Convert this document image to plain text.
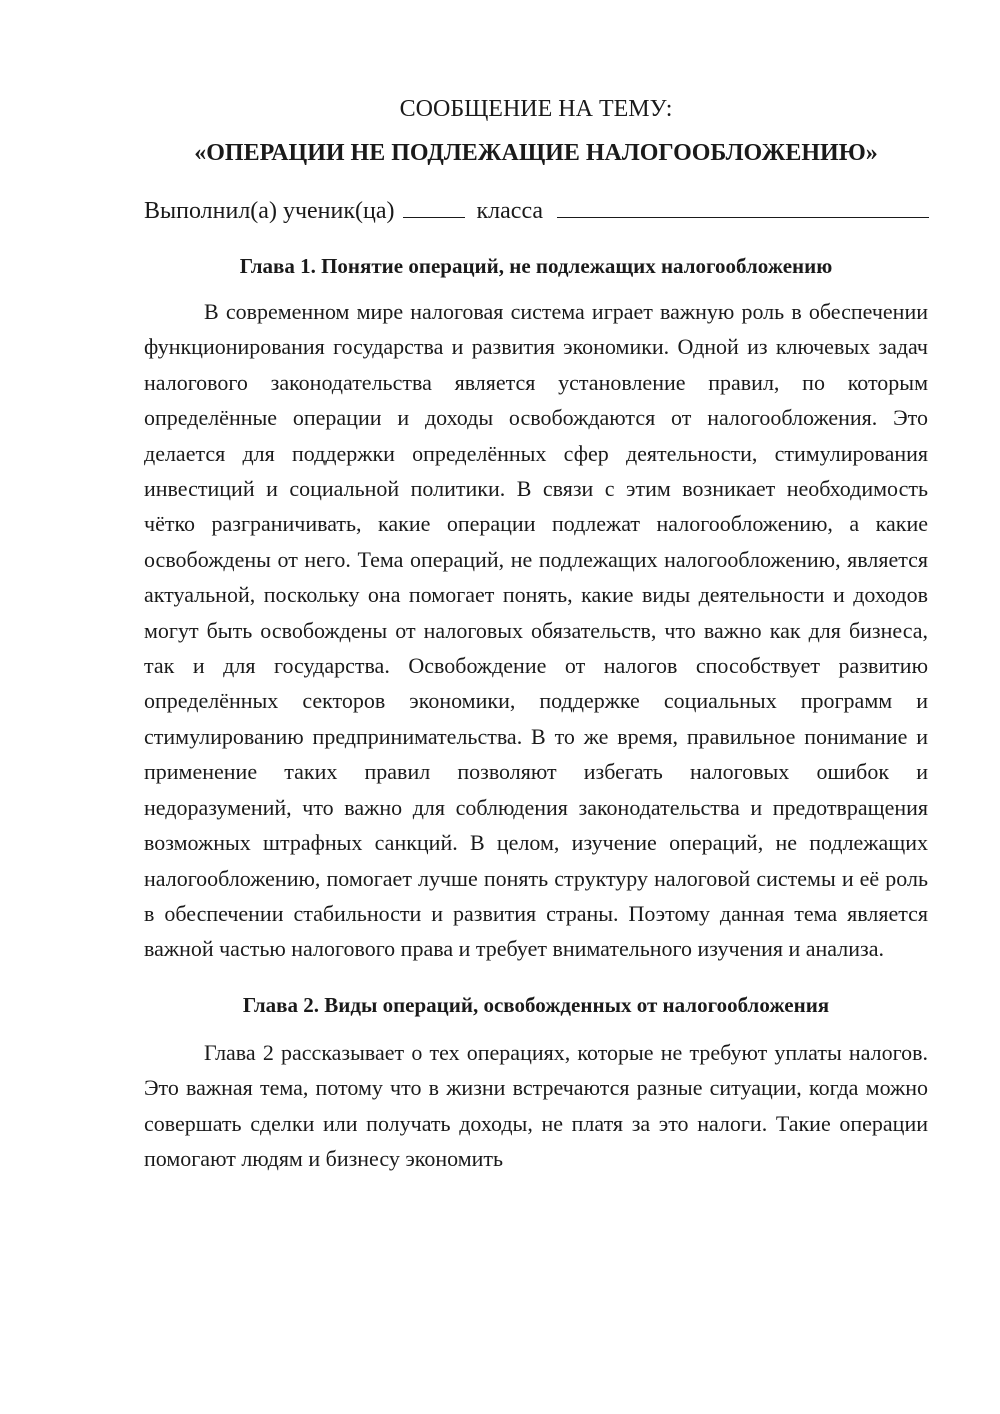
СООБЩЕНИЕ НА ТЕМУ:
«ОПЕРАЦИИ НЕ ПОДЛЕЖАЩИЕ НАЛОГООБЛОЖЕНИЮ»
Выполнил(а) ученик(ца)	класса
Глава 1. Понятие операций, не подлежащих налогообложению

В современном мире налоговая система играет важную роль в обеспечении функционирования государства и развития экономики. Одной из ключевых задач налогового законодательства является установление правил, по которым определённые операции и доходы освобождаются от налогообложения. Это делается для поддержки определённых сфер деятельности, стимулирования инвестиций и социальной политики. В связи с этим возникает необходимость чётко разграничивать, какие операции подлежат налогообложению, а какие освобождены от него. Тема операций, не подлежащих налогообложению, является актуальной, поскольку она помогает понять, какие виды деятельности и доходов могут быть освобождены от налоговых обязательств, что важно как для бизнеса, так и для государства. Освобождение от налогов способствует развитию определённых секторов экономики, поддержке социальных программ и стимулированию предпринимательства. В то же время, правильное понимание и применение таких правил позволяют избегать налоговых ошибок и недоразумений, что важно для соблюдения законодательства и предотвращения возможных штрафных санкций. В целом, изучение операций, не подлежащих налогообложению, помогает лучше понять структуру налоговой системы и её роль в обеспечении стабильности и развития страны. Поэтому данная тема является важной частью налогового права и требует внимательного изучения и анализа.

Глава 2. Виды операций, освобожденных от налогообложения

Глава 2 рассказывает о тех операциях, которые не требуют уплаты налогов. Это важная тема, потому что в жизни встречаются разные ситуации, когда можно совершать сделки или получать доходы, не платя за это налоги. Такие операции помогают людям и бизнесу экономить
